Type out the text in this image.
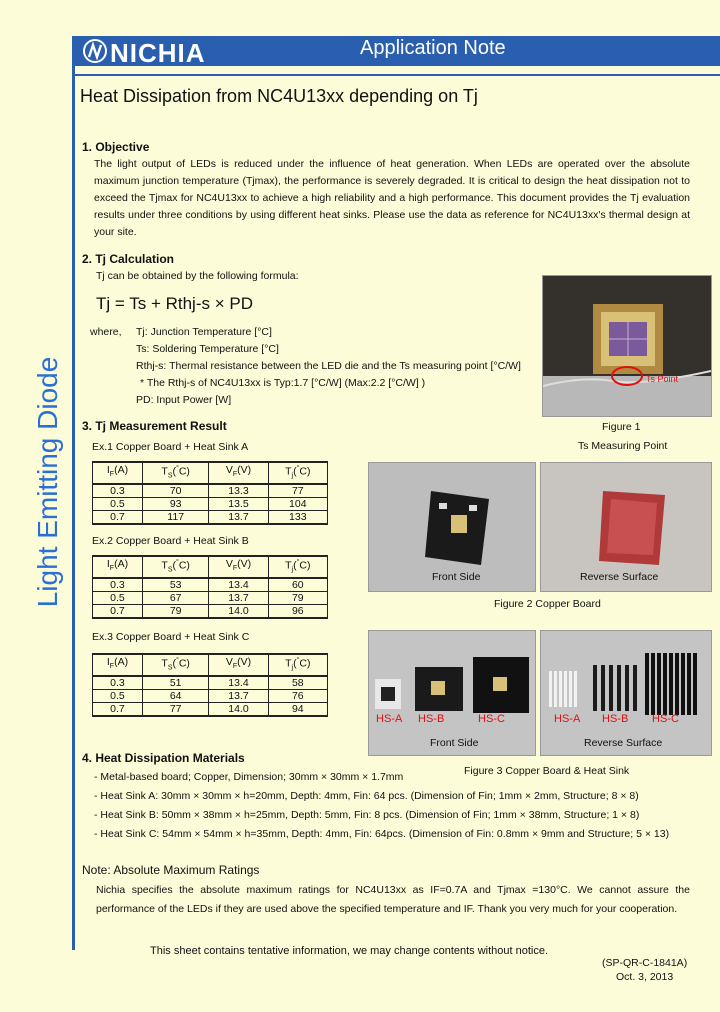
NICHIA	Application Note
Light Emitting Diode
Heat Dissipation from NC4U13xx depending on Tj
1. Objective
The light output of LEDs is reduced under the influence of heat generation. When LEDs are operated over the absolute maximum junction temperature (Tjmax), the performance is severely degraded. It is critical to design the heat dissipation not to exceed the Tjmax for NC4U13xx to achieve a high reliability and a high performance. This document provides the Tj evaluation results under three conditions by using different heat sinks. Please use the data as reference for NC4U13xx's thermal design at your site.
2. Tj Calculation
Tj can be obtained by the following formula:
Tj = Ts + Rthj-s × PD
where, Tj: Junction Temperature [°C]
Ts: Soldering Temperature [°C]
Rthj-s: Thermal resistance between the LED die and the Ts measuring point [°C/W]
* The Rthj-s of NC4U13xx is Typ:1.7 [°C/W] (Max:2.2 [°C/W] )
PD: Input Power [W]
Ts Point
Figure 1
Ts Measuring Point
3. Tj Measurement Result
Ex.1 Copper Board + Heat Sink A
$I_F(A)$	$T_S(^\circ C)$	$V_F(V)$	$T_j(^\circ C)$
0.3	70	13.3	77
0.5	93	13.5	104
0.7	117	13.7	133
Ex.2 Copper Board + Heat Sink B
$I_F(A)$	$T_S(^\circ C)$	$V_F(V)$	$T_j(^\circ C)$
0.3	53	13.4	60
0.5	67	13.7	79
0.7	79	14.0	96
Ex.3 Copper Board + Heat Sink C
$I_F(A)$	$T_S(^\circ C)$	$V_F(V)$	$T_j(^\circ C)$
0.3	51	13.4	58
0.5	64	13.7	76
0.7	77	14.0	94
Front Side	Reverse Surface
Figure 2 Copper Board
HS-A HS-B	HS-C
Front Side
HS-A HS-B HS-C
Reverse Surface
Figure 3 Copper Board & Heat Sink
4. Heat Dissipation Materials
- Metal-based board; Copper, Dimension; 30mm × 30mm × 1.7mm
- Heat Sink A: 30mm × 30mm × h=20mm, Depth: 4mm, Fin: 64 pcs. (Dimension of Fin; 1mm × 2mm, Structure; 8 × 8)
- Heat Sink B: 50mm × 38mm × h=25mm, Depth: 5mm, Fin: 8 pcs. (Dimension of Fin; 1mm × 38mm, Structure; 1 × 8)
- Heat Sink C: 54mm × 54mm × h=35mm, Depth: 4mm, Fin: 64pcs. (Dimension of Fin: 0.8mm × 9mm and Structure; 5 × 13)
Note: Absolute Maximum Ratings
Nichia specifies the absolute maximum ratings for NC4U13xx as IF=0.7A and Tjmax =130°C. We cannot assure the performance of the LEDs if they are used above the specified temperature and IF. Thank you very much for your cooperation.
This sheet contains tentative information, we may change contents without notice.
(SP-QR-C-1841A)
Oct. 3, 2013
